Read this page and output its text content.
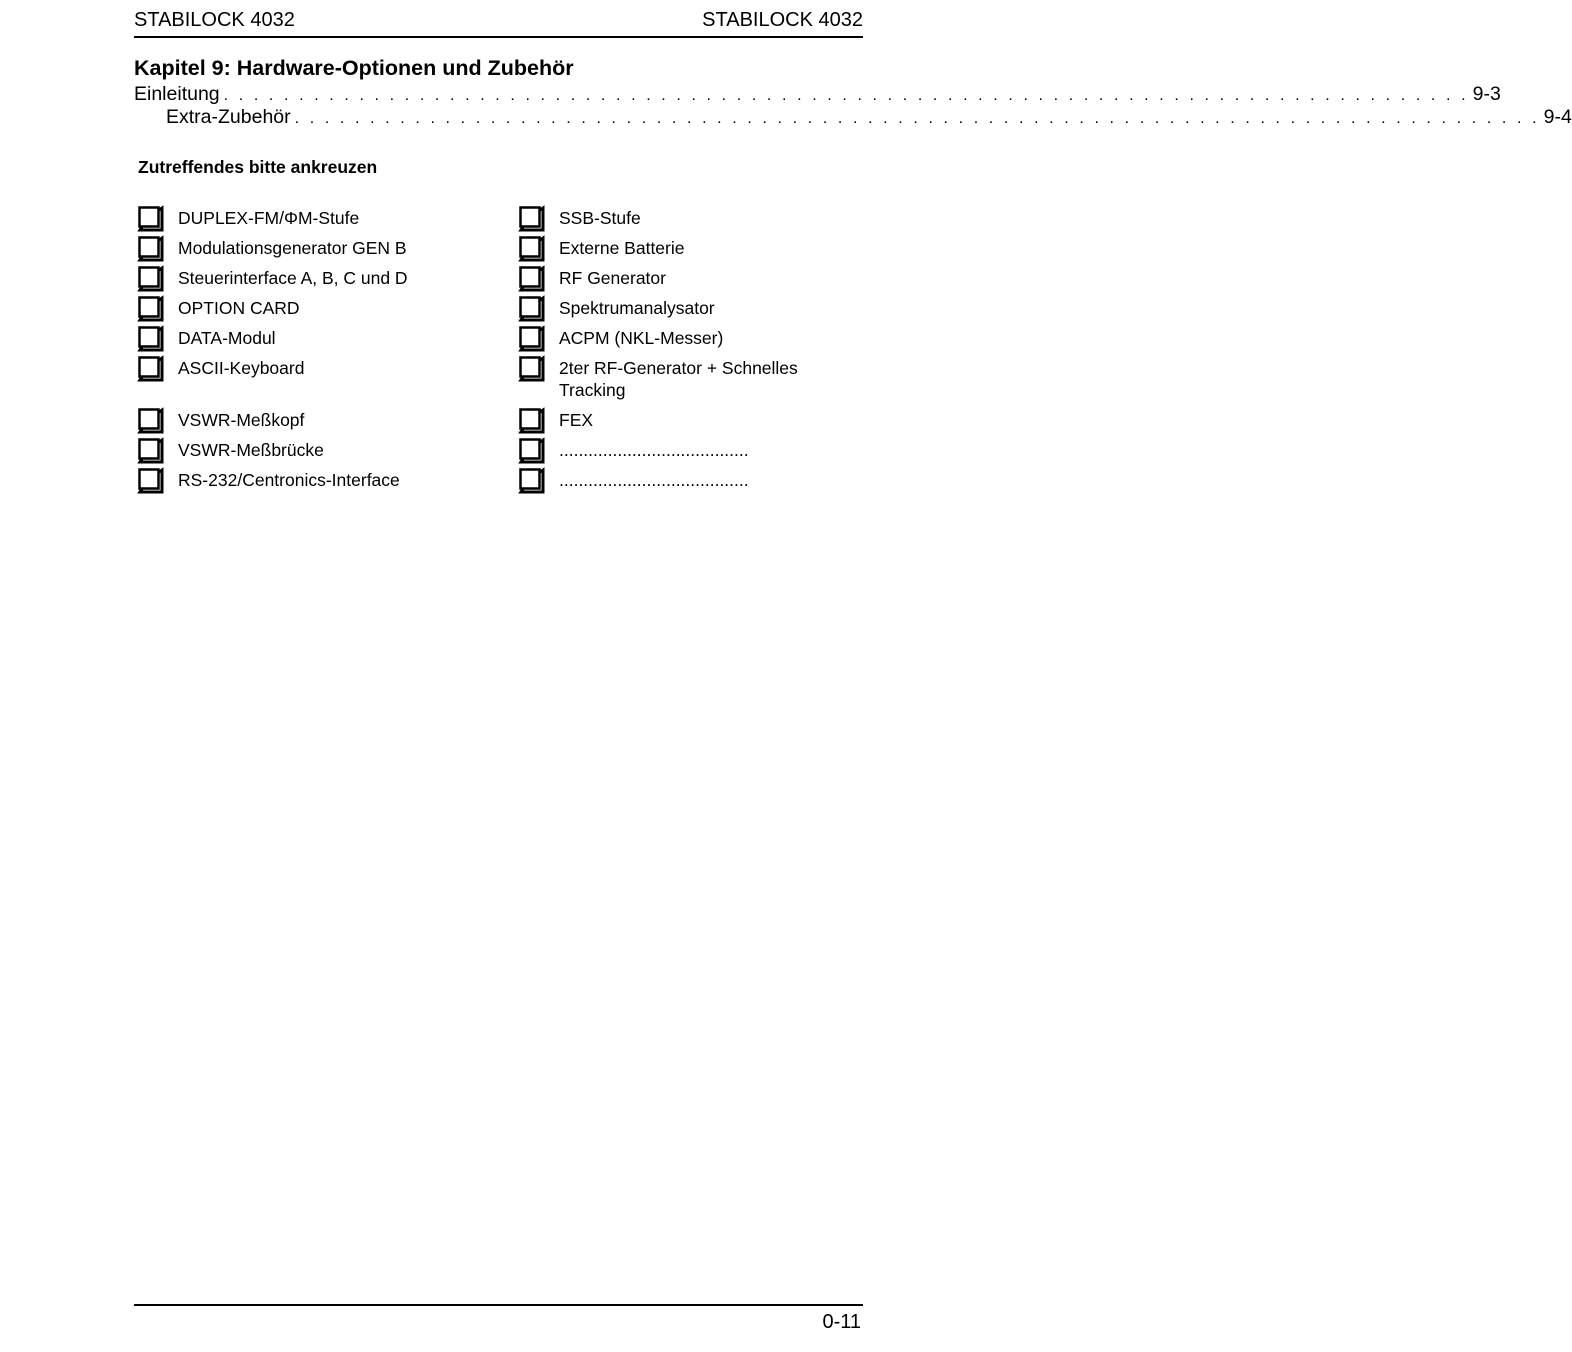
STABILOCK 4032	STABILOCK 4032
Kapitel 9: Hardware-Optionen und Zubehör
Einleitung . . . . . . . . . . . . . . . . . . . . . . . . . . . . . . . . . . . . . . . . . . . . . . . . . . . . . . . . . . . . . . . . . . . . . . . . . . . . . . . . . . . 9-3
Extra-Zubehör . . . . . . . . . . . . . . . . . . . . . . . . . . . . . . . . . . . . . . . . . . . . . . . . . . . . . . . . . . . . . . . . . . . . . . . . . . . . . . . . . . . 9-4
Zutreffendes bitte ankreuzen
DUPLEX-FM/ΦM-Stufe
Modulationsgenerator GEN B
Steuerinterface A, B, C und D
OPTION CARD
DATA-Modul
ASCII-Keyboard
VSWR-Meßkopf
VSWR-Meßbrücke
RS-232/Centronics-Interface
SSB-Stufe
Externe Batterie
RF Generator
Spektrumanalysator
ACPM (NKL-Messer)
2ter RF-Generator + Schnelles Tracking
FEX
.......................................
.......................................
0-11
